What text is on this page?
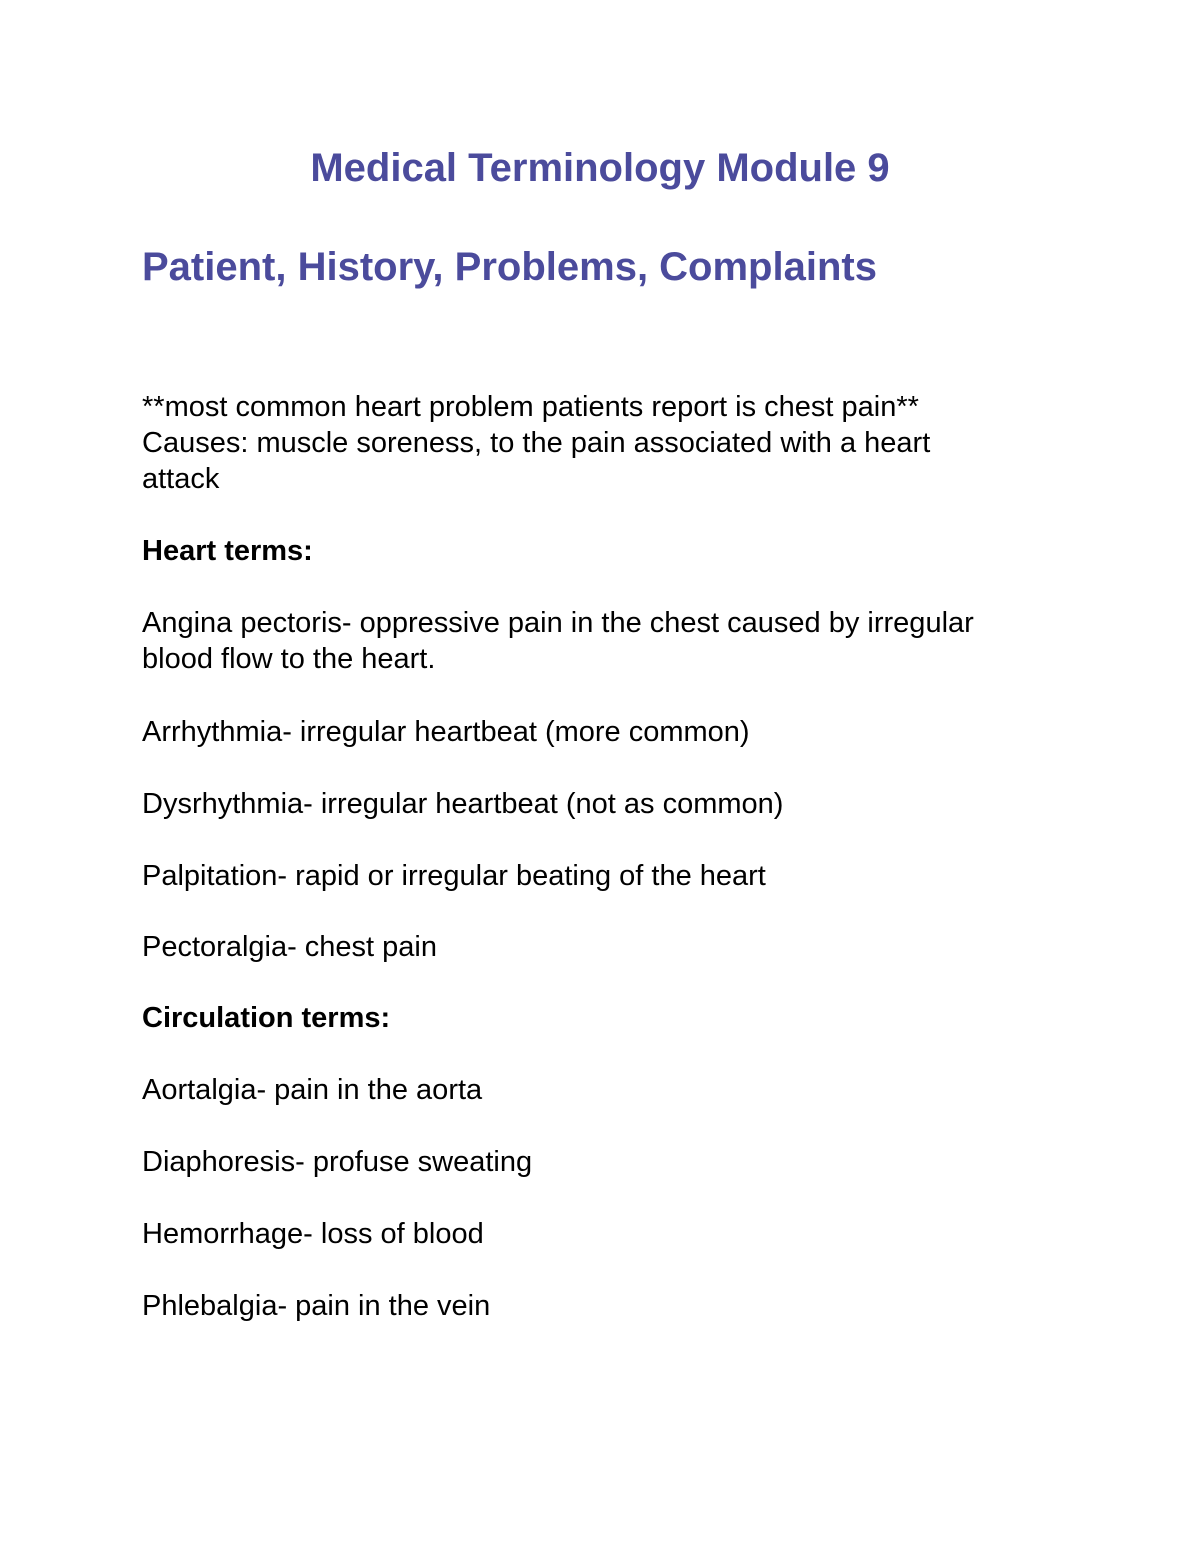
Medical Terminology Module 9
Patient, History, Problems, Complaints
**most common heart problem patients report is chest pain**
Causes: muscle soreness, to the pain associated with a heart
attack
Heart terms:
Angina pectoris- oppressive pain in the chest caused by irregular
blood flow to the heart.
Arrhythmia- irregular heartbeat (more common)
Dysrhythmia- irregular heartbeat (not as common)
Palpitation- rapid or irregular beating of the heart
Pectoralgia- chest pain
Circulation terms:
Aortalgia- pain in the aorta
Diaphoresis- profuse sweating
Hemorrhage- loss of blood
Phlebalgia- pain in the vein
